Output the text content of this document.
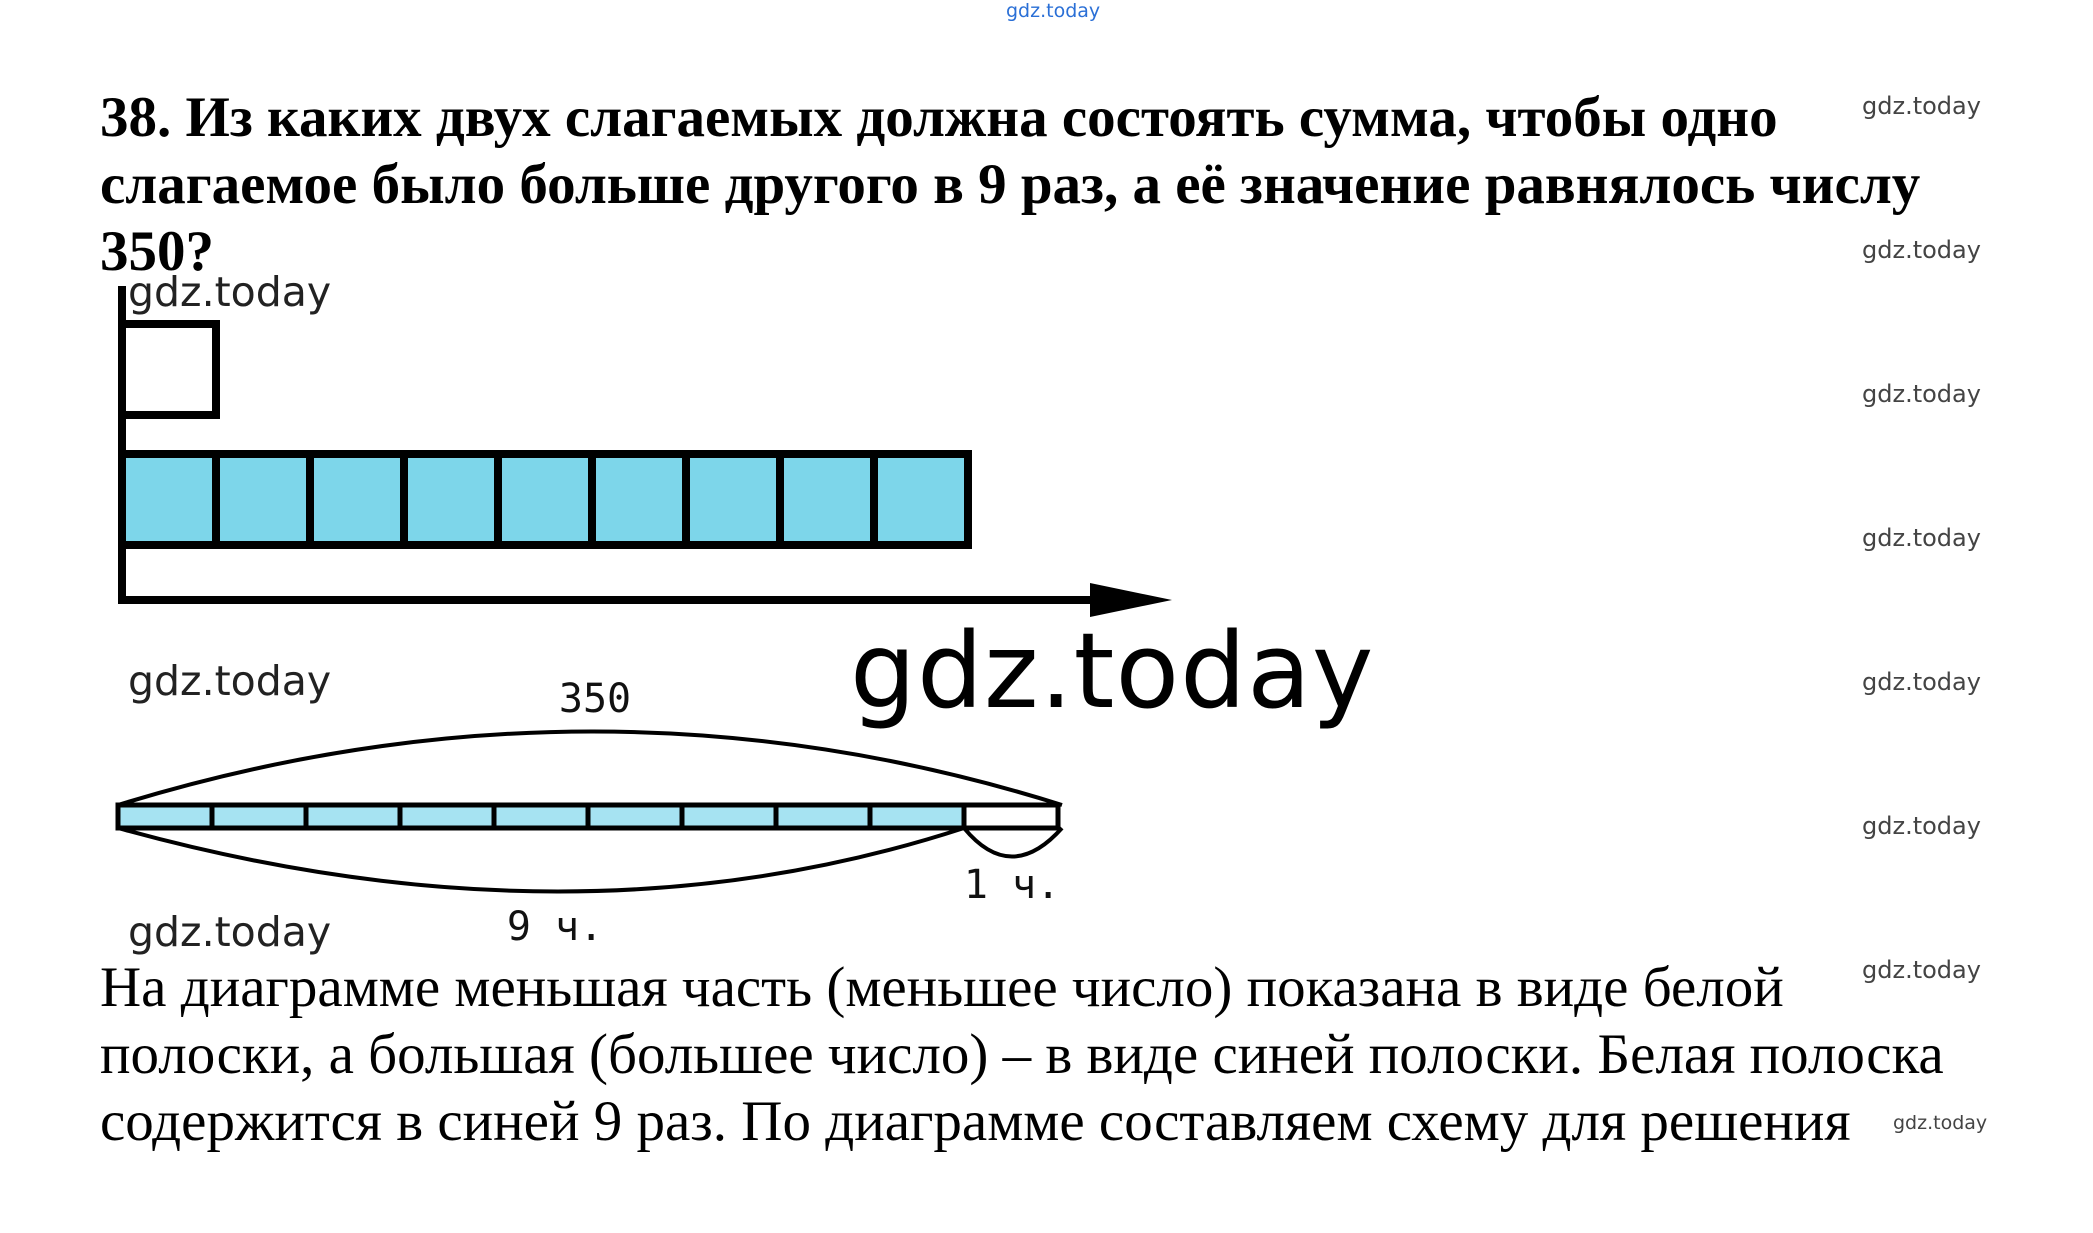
gdz.today
38. Из каких двух слагаемых должна состоять сумма, чтобы одно
слагаемое было больше другого в 9 раз, а её значение равнялось числу
350?
gdz.today
gdz.today
gdz.today
gdz.today
gdz.today
gdz.today
gdz.today
gdz.today
gdz.today
gdz.today
gdz.today
gdz.today
350
9 ч.
1 ч.
На диаграмме меньшая часть (меньшее число) показана в виде белой
полоски, а большая (большее число) – в виде синей полоски. Белая полоска
содержится в синей 9 раз. По диаграмме составляем схему для решения
